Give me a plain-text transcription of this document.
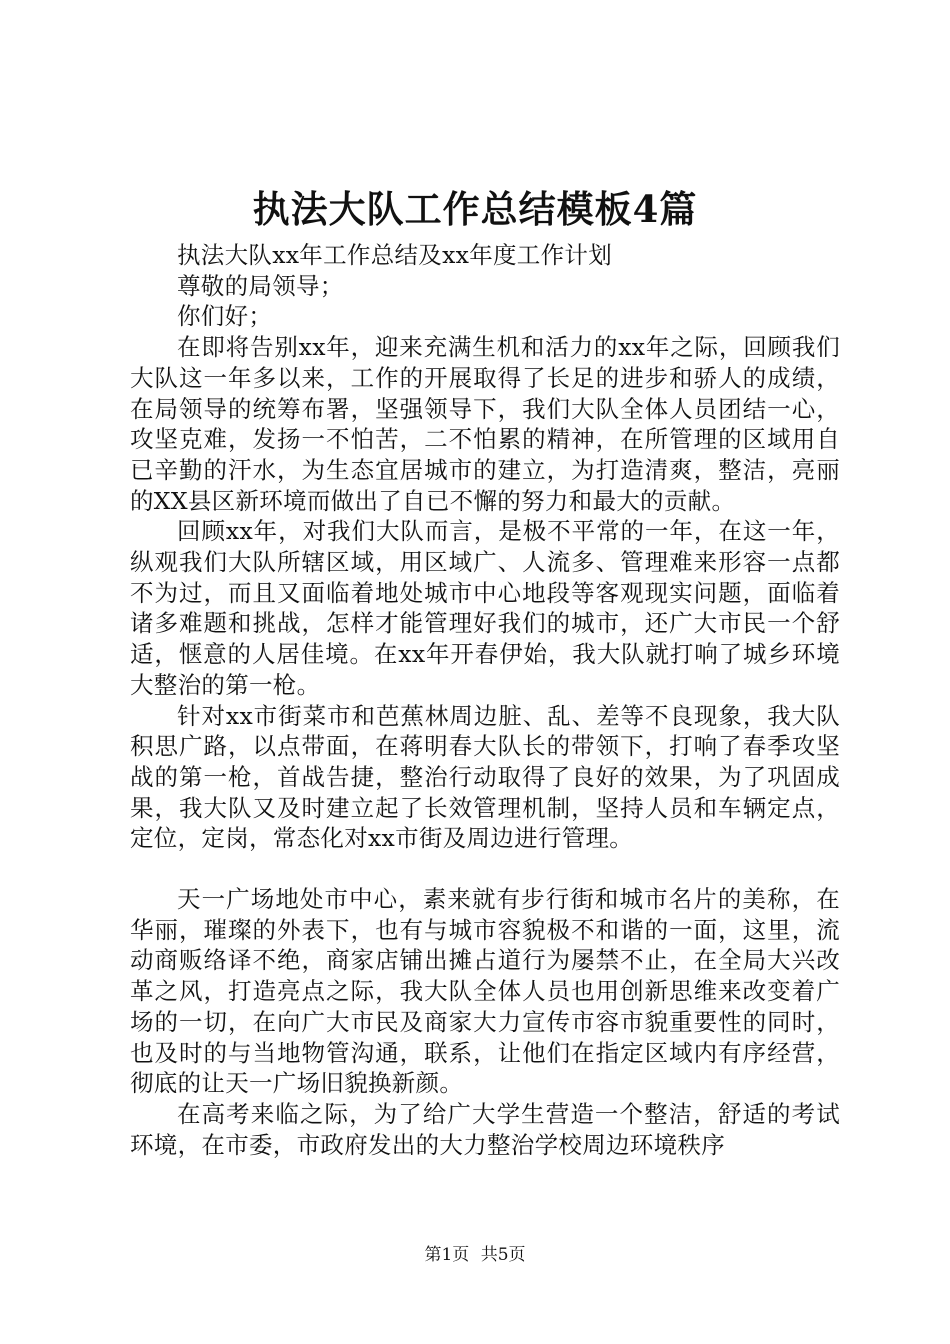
执法大队工作总结模板4篇

执法大队xx年工作总结及xx年度工作计划

尊敬的局领导；

你们好；

在即将告别xx年，迎来充满生机和活力的xx年之际，回顾我们大队这一年多以来，工作的开展取得了长足的进步和骄人的成绩，在局领导的统筹布署，坚强领导下，我们大队全体人员团结一心，攻坚克难，发扬一不怕苦，二不怕累的精神，在所管理的区域用自已辛勤的汗水，为生态宜居城市的建立，为打造清爽，整洁，亮丽的XX县区新环境而做出了自已不懈的努力和最大的贡献。

回顾xx年，对我们大队而言，是极不平常的一年，在这一年，纵观我们大队所辖区域，用区域广、人流多、管理难来形容一点都不为过，而且又面临着地处城市中心地段等客观现实问题，面临着诸多难题和挑战，怎样才能管理好我们的城市，还广大市民一个舒适，惬意的人居佳境。在xx年开春伊始，我大队就打响了城乡环境大整治的第一枪。

针对xx市街菜市和芭蕉林周边脏、乱、差等不良现象，我大队积思广路，以点带面，在蒋明春大队长的带领下，打响了春季攻坚战的第一枪，首战告捷，整治行动取得了良好的效果，为了巩固成果，我大队又及时建立起了长效管理机制，坚持人员和车辆定点，定位，定岗，常态化对xx市街及周边进行管理。

天一广场地处市中心，素来就有步行街和城市名片的美称，在华丽，璀璨的外表下，也有与城市容貌极不和谐的一面，这里，流动商贩络译不绝，商家店铺出摊占道行为屡禁不止，在全局大兴改革之风，打造亮点之际，我大队全体人员也用创新思维来改变着广场的一切，在向广大市民及商家大力宣传市容市貌重要性的同时，也及时的与当地物管沟通，联系，让他们在指定区域内有序经营，彻底的让天一广场旧貌换新颜。

在高考来临之际，为了给广大学生营造一个整洁，舒适的考试环境，在市委，市政府发出的大力整治学校周边环境秩序

第1页 共5页
